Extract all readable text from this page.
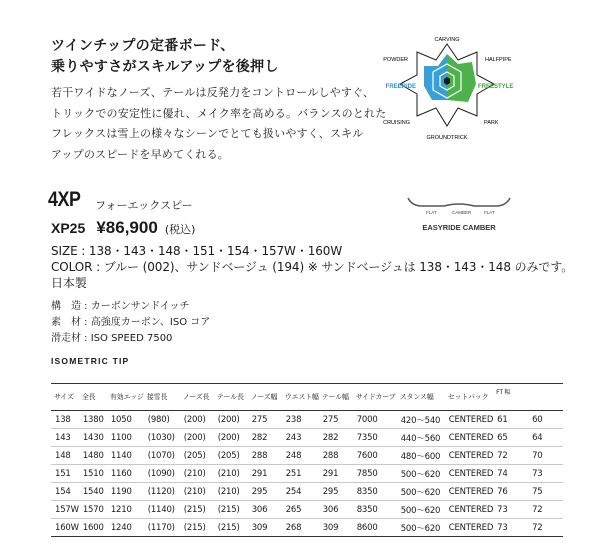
ツインチップの定番ボード、
乗りやすさがスキルアップを後押し
若干ワイドなノーズ、テールは反発力をコントロールしやすぐ、
トリックでの安定性に優れ、メイク率を高める。バランスのとれた
フレックスは雪上の様々なシーンでとても扱いやすく、スキル
アップのスピードを早めてくれる。
CARVING
HALFPIPE
POWDER
FREERIDE	FREESTYLE
CRUISING	PARK
GROUNDTRICK
4XP フォーエックスピー
FLAT	CAMBER	FLAT
EASYRIDE CAMBER
XP25 ¥86,900 (税込)
SIZE : 138・143・148・151・154・157W・160W
COLOR : ブルー (002)、サンドベージュ (194) ※ サンドベージュは 138・143・148 のみです。
日本製
構　造 : カーボンサンドイッチ
素　材 : 高強度カーボン、ISO コア
滑走材 : ISO SPEED 7500
ISOMETRIC TIP
サイズ	全長	有効エッジ	接雪長	ノーズ長	テール長	ノーズ幅	ウエスト幅	テール幅	サイドカーブ	スタンス幅	セットバック	FT 幅	
138	1380	1050	(980)	(200)	(200)	275	238	275	7000	420〜540	CENTERED	61	60
143	1430	1100	(1030)	(200)	(200)	282	243	282	7350	440〜560	CENTERED	65	64
148	1480	1140	(1070)	(205)	(205)	288	248	288	7600	480〜600	CENTERED	72	70
151	1510	1160	(1090)	(210)	(210)	291	251	291	7850	500〜620	CENTERED	74	73
154	1540	1190	(1120)	(210)	(210)	295	254	295	8350	500〜620	CENTERED	76	75
157W	1570	1210	(1140)	(215)	(215)	306	265	306	8350	500〜620	CENTERED	73	72
160W	1600	1240	(1170)	(215)	(215)	309	268	309	8600	500〜620	CENTERED	73	72
